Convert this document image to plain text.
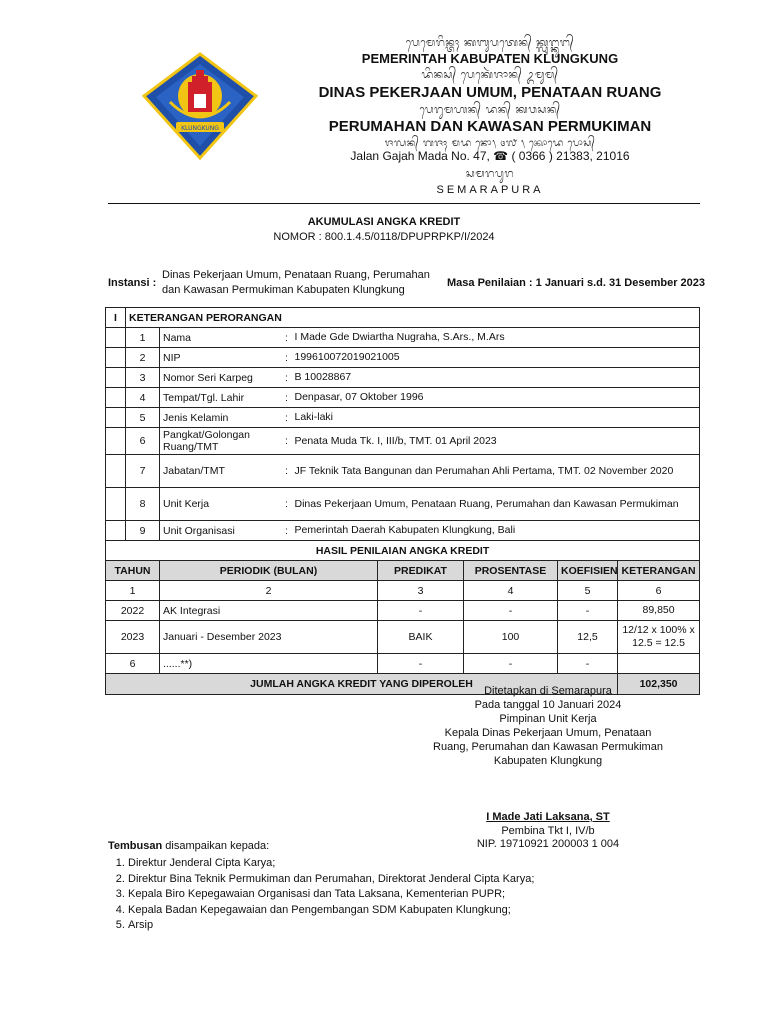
KLUNGKUNG
ᬧᬾᬫᬾᬭᬶᬦ᭄ᬢᬄ ᬓᬩᬸᬧᬢᬾᬦ᭄ ᬓ᭄ᬮᬸᬗ᭄ᬓᬸᬗ᭄
PEMERINTAH KABUPATEN KLUNGKUNG
ᬤᬶᬦᬲ᭄ ᬧᬾᬓᬾᬃᬚᬵᬦ᭄ ᬉᬫᬸᬫ᭄
DINAS PEKERJAAN UMUM, PENATAAN RUANG
ᬧᬾᬭᬸᬫᬳᬦ᭄ ᬤᬦ᭄ ᬓᬯᬲᬦ᭄
PERUMAHAN DAN KAWASAN PERMUKIMAN
ᬚᬮᬦ᭄ ᬕᬚᬄ ᬫᬤ ᬦᭀ᭞ ᭔᭗ ᭞ ᬓᭀᬤᬾ ᬧᭀᬲ᭄
Jalan Gajah Mada No. 47, ☎ ( 0366 ) 21383, 21016
ᬲᬫᬭᬧᬸᬭ
SEMARAPURA
AKUMULASI ANGKA KREDIT
NOMOR : 800.1.4.5/0118/DPUPRPKP/I/2024
Instansi :
Dinas Pekerjaan Umum, Penataan Ruang, Perumahan dan Kawasan Permukiman Kabupaten Klungkung
Masa Penilaian : 1 Januari s.d. 31 Desember 2023
I	KETERANGAN PERORANGAN							
	1	Nama	:	I Made Gde Dwiartha Nugraha, S.Ars., M.Ars				
	2	NIP	:	199610072019021005				
	3	Nomor Seri Karpeg	:	B 10028867				
	4	Tempat/Tgl. Lahir	:	Denpasar, 07 Oktober 1996				
	5	Jenis Kelamin	:	Laki-laki				
	6	Pangkat/Golongan Ruang/TMT	:	Penata Muda Tk. I, III/b, TMT. 01 April 2023				
	7	Jabatan/TMT	:	JF Teknik Tata Bangunan dan Perumahan Ahli Pertama, TMT. 02 November 2020				
	8	Unit Kerja	:	Dinas Pekerjaan Umum, Penataan Ruang, Perumahan dan Kawasan Permukiman				
	9	Unit Organisasi	:	Pemerintah Daerah Kabupaten Klungkung, Bali				
HASIL PENILAIAN ANGKA KREDIT								
TAHUN		PERIODIK (BULAN)			PREDIKAT	PROSENTASE	KOEFISIEN	KETERANGAN
1		2			3	4	5	6
2022		AK Integrasi			-	-	-	89,850
2023		Januari - Desember 2023			BAIK	100	12,5	12/12 x 100% x 12.5 = 12.5
6		......**)			-	-	-	
JUMLAH ANGKA KREDIT YANG DIPEROLEH								102,350
Ditetapkan di Semarapura
Pada tanggal 10 Januari 2024
Pimpinan Unit Kerja
Kepala Dinas Pekerjaan Umum, Penataan
Ruang, Perumahan dan Kawasan Permukiman
Kabupaten Klungkung
I Made Jati Laksana, ST
Pembina Tkt I, IV/b
NIP. 19710921 200003 1 004
Tembusan disampaikan kepada:
1. Direktur Jenderal Cipta Karya;
2. Direktur Bina Teknik Permukiman dan Perumahan, Direktorat Jenderal Cipta Karya;
3. Kepala Biro Kepegawaian Organisasi dan Tata Laksana, Kementerian PUPR;
4. Kepala Badan Kepegawaian dan Pengembangan SDM Kabupaten Klungkung;
5. Arsip
